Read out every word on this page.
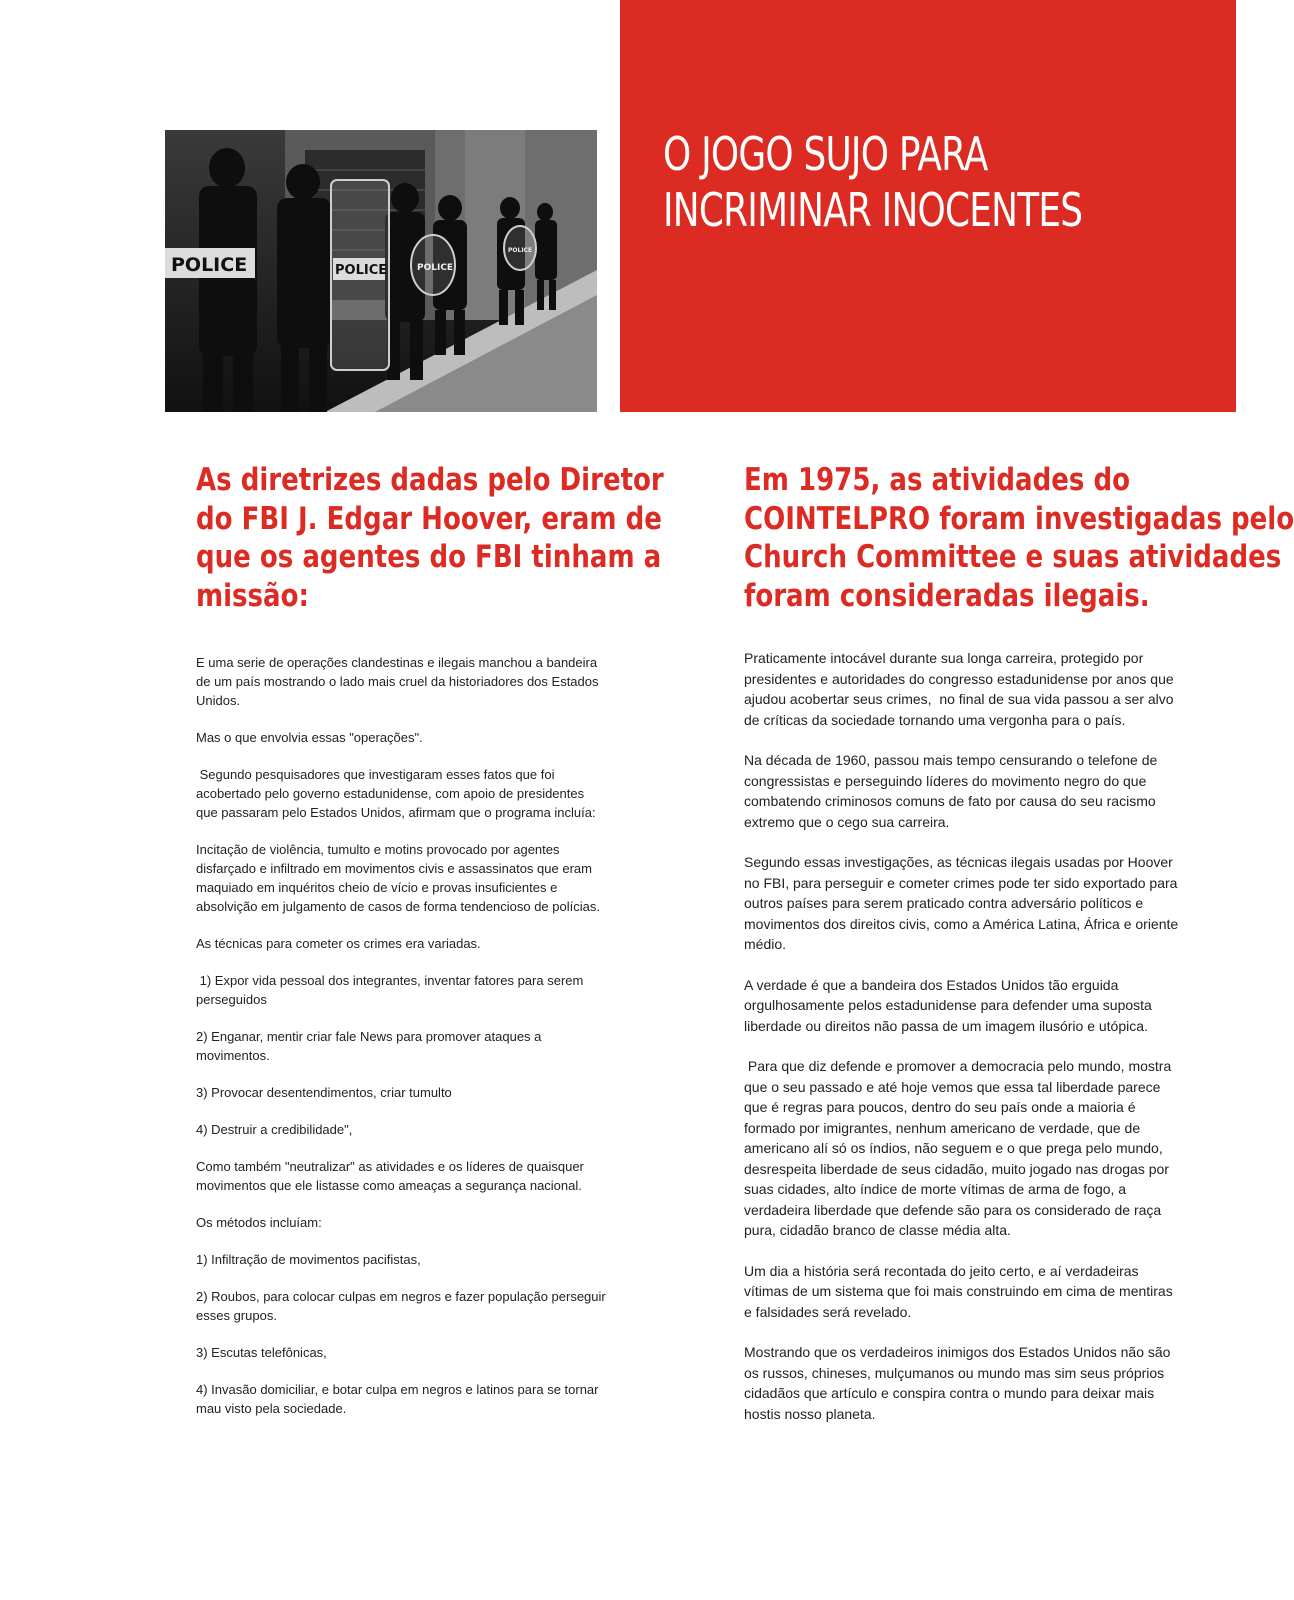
O JOGO SUJO PARA
INCRIMINAR INOCENTES
POLICE	POLICE	POLICE
POLICE
As diretrizes dadas pelo Diretor
do FBI J. Edgar Hoover, eram de
que os agentes do FBI tinham a
missão:
Em 1975, as atividades do
COINTELPRO foram investigadas pelo
Church Committee e suas atividades
foram consideradas ilegais.

E uma serie de operações clandestinas e ilegais manchou a bandeira de um país mostrando o lado mais cruel da historiadores dos Estados Unidos.

Mas o que envolvia essas "operações".

Segundo pesquisadores que investigaram esses fatos que foi acobertado pelo governo estadunidense, com apoio de presidentes que passaram pelo Estados Unidos, afirmam que o programa incluía:

Incitação de violência, tumulto e motins provocado por agentes disfarçado e infiltrado em movimentos civis e assassinatos que eram maquiado em inquéritos cheio de vício e provas insuficientes e absolvição em julgamento de casos de forma tendencioso de polícias.

As técnicas para cometer os crimes era variadas.

1) Expor vida pessoal dos integrantes, inventar fatores para serem perseguidos

2) Enganar, mentir criar fale News para promover ataques a movimentos.

3) Provocar desentendimentos, criar tumulto

4) Destruir a credibilidade",

Como também "neutralizar" as atividades e os líderes de quaisquer movimentos que ele listasse como ameaças a segurança nacional.

Os métodos incluíam:

1) Infiltração de movimentos pacifistas,

2) Roubos, para colocar culpas em negros e fazer população perseguir esses grupos.

3) Escutas telefônicas,

4) Invasão domiciliar, e botar culpa em negros e latinos para se tornar mau visto pela sociedade.

Praticamente intocável durante sua longa carreira, protegido por presidentes e autoridades do congresso estadunidense por anos que ajudou acobertar seus crimes,  no final de sua vida passou a ser alvo de críticas da sociedade tornando uma vergonha para o país.

Na década de 1960, passou mais tempo censurando o telefone de congressistas e perseguindo líderes do movimento negro do que combatendo criminosos comuns de fato por causa do seu racismo extremo que o cego sua carreira.

Segundo essas investigações, as técnicas ilegais usadas por Hoover no FBI, para perseguir e cometer crimes pode ter sido exportado para outros países para serem praticado contra adversário políticos e movimentos dos direitos civis, como a América Latina, África e oriente médio.

A verdade é que a bandeira dos Estados Unidos tão erguida orgulhosamente pelos estadunidense para defender uma suposta liberdade ou direitos não passa de um imagem ilusório e utópica.

Para que diz defende e promover a democracia pelo mundo, mostra que o seu passado e até hoje vemos que essa tal liberdade parece que é regras para poucos, dentro do seu país onde a maioria é formado por imigrantes, nenhum americano de verdade, que de americano alí só os índios, não seguem e o que prega pelo mundo, desrespeita liberdade de seus cidadão, muito jogado nas drogas por suas cidades, alto índice de morte vítimas de arma de fogo, a verdadeira liberdade que defende são para os considerado de raça pura, cidadão branco de classe média alta.

Um dia a história será recontada do jeito certo, e aí verdadeiras vítimas de um sistema que foi mais construindo em cima de mentiras e falsidades será revelado.

Mostrando que os verdadeiros inimigos dos Estados Unidos não são os russos, chineses, mulçumanos ou mundo mas sim seus próprios cidadãos que artículo e conspira contra o mundo para deixar mais hostis nosso planeta.
